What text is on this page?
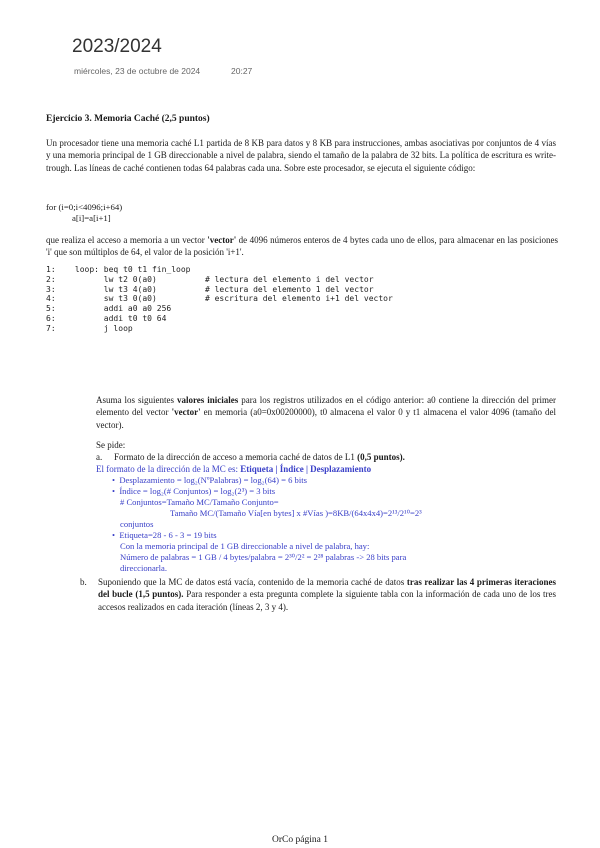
2023/2024
miércoles, 23 de octubre de 2024	20:27
Ejercicio 3. Memoria Caché (2,5 puntos)
Un procesador tiene una memoria caché L1 partida de 8 KB para datos y 8 KB para instrucciones, ambas asociativas por conjuntos de 4 vías y una memoria principal de 1 GB direccionable a nivel de palabra, siendo el tamaño de la palabra de 32 bits. La política de escritura es write-trough. Las líneas de caché contienen todas 64 palabras cada una. Sobre este procesador, se ejecuta el siguiente código:
for (i=0;i<4096;i+64)
a[i]=a[i+1]
que realiza el acceso a memoria a un vector 'vector' de 4096 números enteros de 4 bytes cada uno de ellos, para almacenar en las posiciones 'i' que son múltiplos de 64, el valor de la posición 'i+1'.
1:    loop: beq t0 t1 fin_loop
2:          lw t2 0(a0)          # lectura del elemento i del vector
3:          lw t3 4(a0)          # lectura del elemento 1 del vector
4:          sw t3 0(a0)          # escritura del elemento i+1 del vector
5:          addi a0 a0 256
6:          addi t0 t0 64
7:          j loop
Asuma los siguientes valores iniciales para los registros utilizados en el código anterior: a0 contiene la dirección del primer elemento del vector 'vector' en memoria (a0=0x00200000), t0 almacena el valor 0 y t1 almacena el valor 4096 (tamaño del vector).
Se pide:
a. Formato de la dirección de acceso a memoria caché de datos de L1 (0,5 puntos).
El formato de la dirección de la MC es: Etiqueta | Índice | Desplazamiento
•  Desplazamiento = log₂(NºPalabras) = log₂(64) = 6 bits
•  Índice = log₂(# Conjuntos) = log₂(2³) = 3 bits
# Conjuntos=Tamaño MC/Tamaño Conjunto=
Tamaño MC/(Tamaño Vía[en bytes] x #Vías )=8KB/(64x4x4)=2¹³/2¹⁰=2³
conjuntos
•  Etiqueta=28 - 6 - 3 = 19 bits
Con la memoria principal de 1 GB direccionable a nivel de palabra, hay:
Número de palabras = 1 GB / 4 bytes/palabra = 2³⁰/2² = 2²⁸ palabras -> 28 bits para
direccionarla.
b.	Suponiendo que la MC de datos está vacía, contenido de la memoria caché de datos tras realizar las 4 primeras iteraciones del bucle (1,5 puntos). Para responder a esta pregunta complete la siguiente tabla con la información de cada uno de los tres accesos realizados en cada iteración (líneas 2, 3 y 4).
OrCo página 1
